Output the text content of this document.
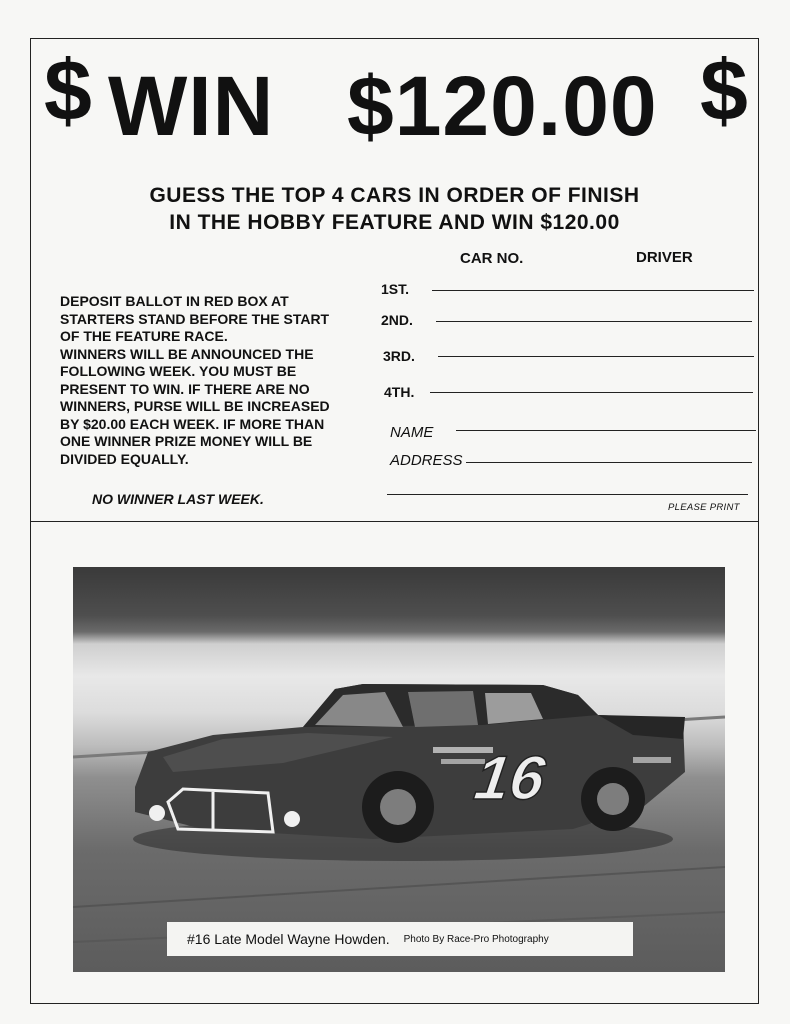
$ WIN $120.00 $
GUESS THE TOP 4 CARS IN ORDER OF FINISH
IN THE HOBBY FEATURE AND WIN $120.00
CAR NO.	DRIVER
1ST.
2ND.
3RD.
4TH.
NAME
ADDRESS
PLEASE PRINT
DEPOSIT BALLOT IN RED BOX AT
STARTERS STAND BEFORE THE START
OF THE FEATURE RACE.
WINNERS WILL BE ANNOUNCED THE
FOLLOWING WEEK. YOU MUST BE
PRESENT TO WIN. IF THERE ARE NO
WINNERS, PURSE WILL BE INCREASED
BY $20.00 EACH WEEK. IF MORE THAN
ONE WINNER PRIZE MONEY WILL BE
DIVIDED EQUALLY.
NO WINNER LAST WEEK.
16
#16 Late Model Wayne Howden. Photo By Race-Pro Photography
